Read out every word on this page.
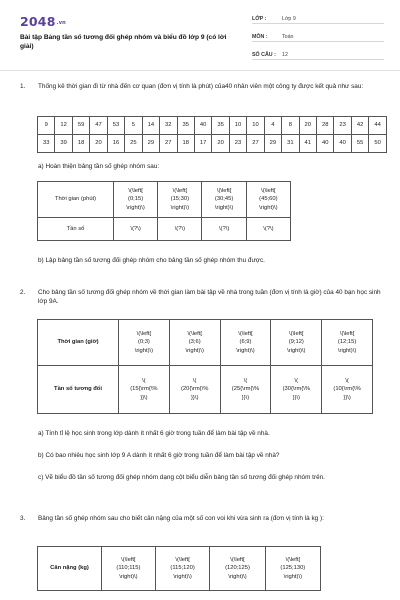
2048.vn
Bài tập Bảng tần số tương đối ghép nhóm và biểu đồ lớp 9 (có lời giải)
LỚP :	Lớp 9
MÔN :	Toán
SỐ CÂU :	12
1. Thống kê thời gian đi từ nhà đến cơ quan (đơn vị tính là phút) của40 nhân viên một công ty được kết quả như sau:
9	12	59	47	53	5	14	32	35	40	35	10	10	4	8	20	28	23	42	44
33	39	18	20	16	25	29	27	18	17	20	23	27	29	31	41	40	40	55	50
a) Hoàn thiện bảng tần số ghép nhóm sau:
Thời gian (phút)	\(\left[
(0;15)
\right)\)	\(\left[
(15;30)
\right)\)	\(\left[
(30;45)
\right)\)	\(\left[
(45;60)
\right)\)
Tần số	\(?\)	\(?\)	\(?\)	\(?\)
b) Lập bảng tần số tương đối ghép nhóm cho bảng tần số ghép nhóm thu được.
2. Cho bảng tần số tương đối ghép nhóm về thời gian làm bài tập về nhà trong tuần (đơn vị tính là giờ) của 40 bạn học sinh lớp 9A.
Thời gian (giờ)	\(\left[
(0;3)
\right)\)	\(\left[
(3;6)
\right)\)	\(\left[
(6;9)
\right)\)	\(\left[
(9;12)
\right)\)	\(\left[
(12;15)
\right)\)
Tần số tương đối	\(
(15{\rm{\%
}}\)	\(
(20{\rm{\%
}}\)	\(
(25{\rm{\%
}}\)	\(
(30{\rm{\%
}}\)	\(
(10{\rm{\%
}}\)
a) Tính tỉ lệ học sinh trong lớp dành ít nhất 6 giờ trong tuần để làm bài tập về nhà.
b) Có bao nhiêu học sinh lớp 9 A dành ít nhất 6 giờ trong tuần để làm bài tập về nhà?
c) Vẽ biểu đồ tần số tương đối ghép nhóm dạng cột biểu diễn bảng tần số tương đối ghép nhóm trên.
3. Bảng tần số ghép nhóm sau cho biết cân nặng của một số con voi khi vừa sinh ra (đơn vị tính là kg ):
Cân nặng (kg)	\(\left[
(110;115)
\right)\)	\(\left[
(115;120)
\right)\)	\(\left[
(120;125)
\right)\)	\(\left[
(125;130)
\right)\)
